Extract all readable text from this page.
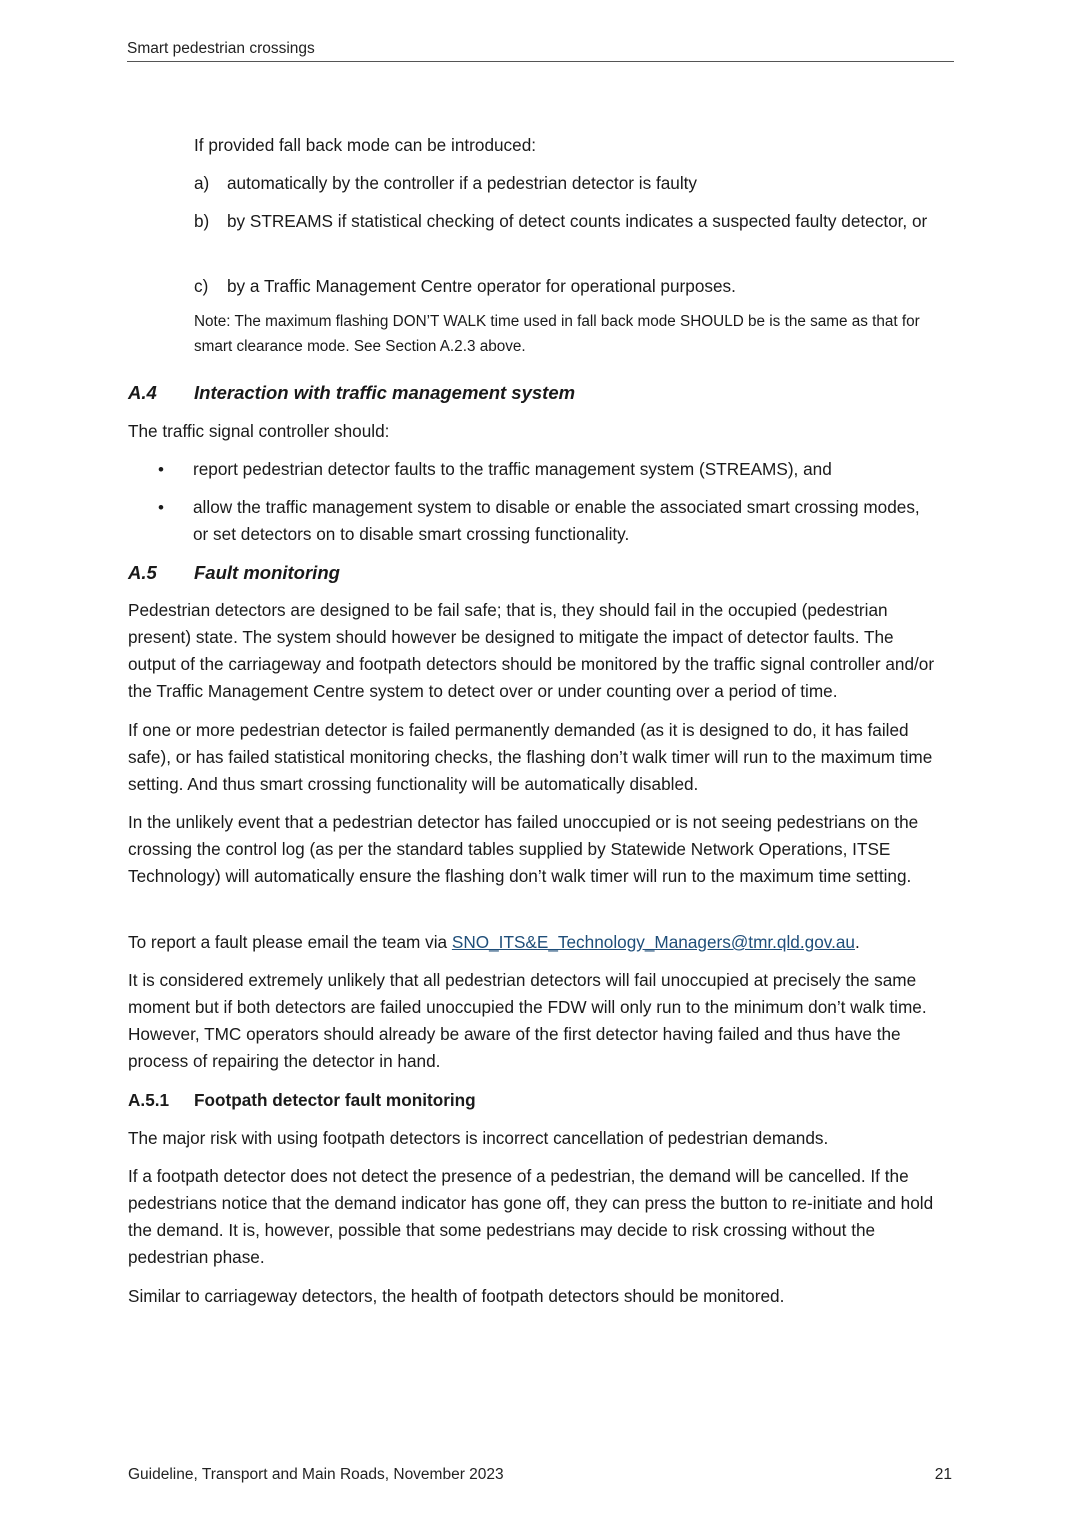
Smart pedestrian crossings
If provided fall back mode can be introduced:
a) automatically by the controller if a pedestrian detector is faulty
b) by STREAMS if statistical checking of detect counts indicates a suspected faulty detector, or
c) by a Traffic Management Centre operator for operational purposes.
Note: The maximum flashing DON’T WALK time used in fall back mode SHOULD be is the same as that for smart clearance mode. See Section A.2.3 above.
A.4 Interaction with traffic management system
The traffic signal controller should:
• report pedestrian detector faults to the traffic management system (STREAMS), and
• allow the traffic management system to disable or enable the associated smart crossing modes, or set detectors on to disable smart crossing functionality.
A.5 Fault monitoring
Pedestrian detectors are designed to be fail safe; that is, they should fail in the occupied (pedestrian present) state. The system should however be designed to mitigate the impact of detector faults. The output of the carriageway and footpath detectors should be monitored by the traffic signal controller and/or the Traffic Management Centre system to detect over or under counting over a period of time.
If one or more pedestrian detector is failed permanently demanded (as it is designed to do, it has failed safe), or has failed statistical monitoring checks, the flashing don’t walk timer will run to the maximum time setting. And thus smart crossing functionality will be automatically disabled.
In the unlikely event that a pedestrian detector has failed unoccupied or is not seeing pedestrians on the crossing the control log (as per the standard tables supplied by Statewide Network Operations, ITSE Technology) will automatically ensure the flashing don’t walk timer will run to the maximum time setting.
To report a fault please email the team via SNO_ITS&E_Technology_Managers@tmr.qld.gov.au.
It is considered extremely unlikely that all pedestrian detectors will fail unoccupied at precisely the same moment but if both detectors are failed unoccupied the FDW will only run to the minimum don’t walk time. However, TMC operators should already be aware of the first detector having failed and thus have the process of repairing the detector in hand.
A.5.1 Footpath detector fault monitoring
The major risk with using footpath detectors is incorrect cancellation of pedestrian demands.
If a footpath detector does not detect the presence of a pedestrian, the demand will be cancelled. If the pedestrians notice that the demand indicator has gone off, they can press the button to re-initiate and hold the demand. It is, however, possible that some pedestrians may decide to risk crossing without the pedestrian phase.
Similar to carriageway detectors, the health of footpath detectors should be monitored.
Guideline, Transport and Main Roads, November 2023	21
